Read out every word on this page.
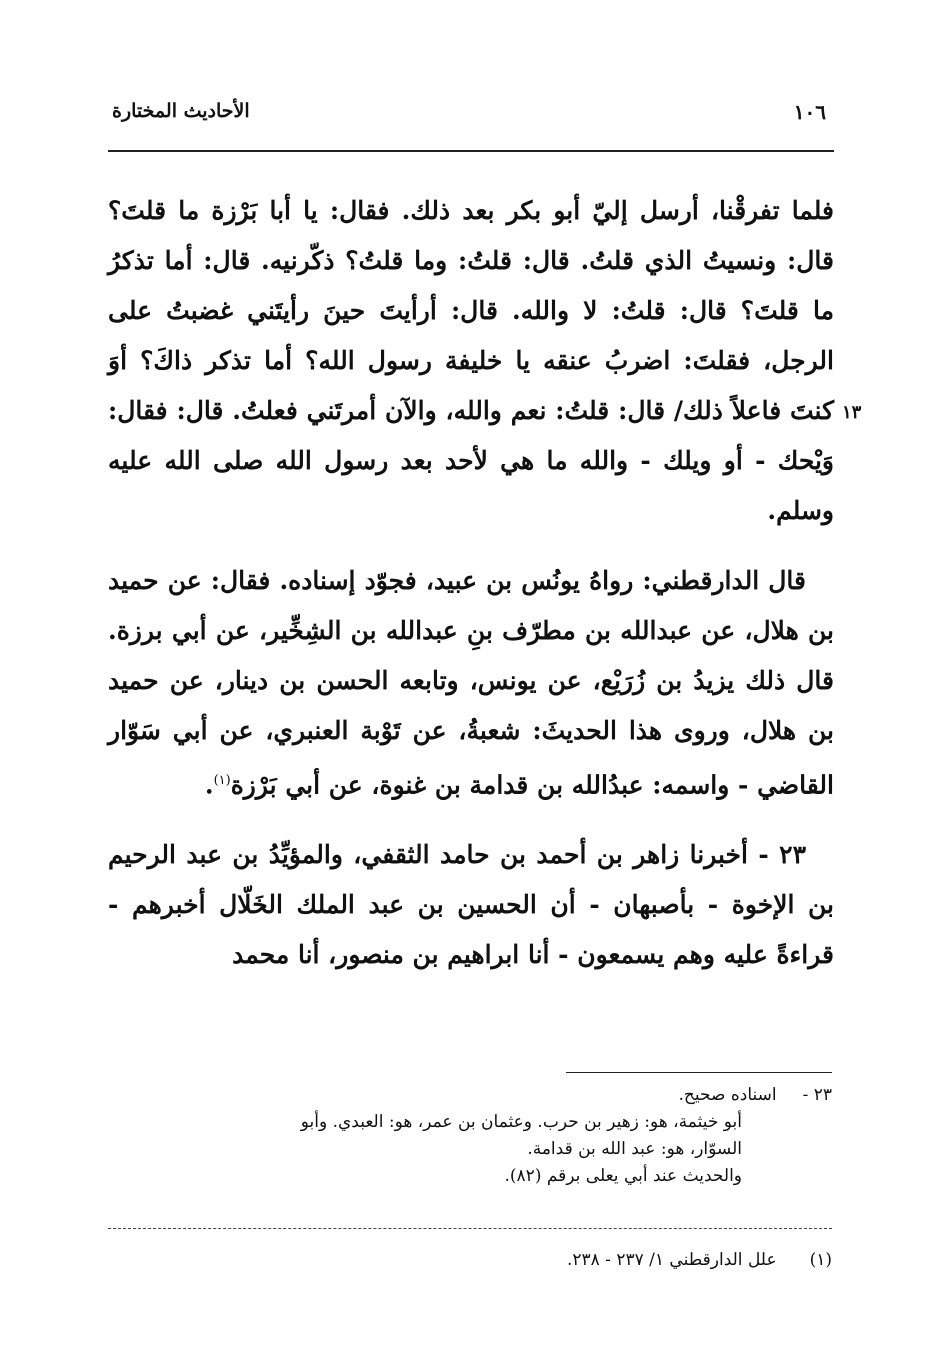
١٠٦
الأحاديث المختارة
١٣

فلما تفرقْنا، أرسل إليّ أبو بكر بعد ذلك. فقال: يا أبا بَرْزة ما قلتَ؟ قال: ونسيتُ الذي قلتُ. قال: قلتُ: وما قلتُ؟ ذكّرنيه. قال: أما تذكرُ ما قلتَ؟ قال: قلتُ: لا والله. قال: أرأيتَ حينَ رأيتَني غضبتُ على الرجل، فقلتَ: اضربُ عنقه يا خليفة رسول الله؟ أما تذكر ذاكَ؟ أوَ كنتَ فاعلاً ذلك/ قال: قلتُ: نعم والله، والآن أمرتَني فعلتُ. قال: فقال: وَيْحك - أو ويلك - والله ما هي لأحد بعد رسول الله صلى الله عليه وسلم.

قال الدارقطني: رواهُ يونُس بن عبيد، فجوّد إسناده. فقال: عن حميد بن هلال، عن عبدالله بن مطرّف بنِ عبدالله بن الشِخِّير، عن أبي برزة. قال ذلك يزيدُ بن زُرَيْع، عن يونس، وتابعه الحسن بن دينار، عن حميد بن هلال، وروى هذا الحديثَ: شعبةُ، عن تَوْبة العنبري، عن أبي سَوّار القاضي - واسمه: عبدُالله بن قدامة بن غنوة، عن أبي بَرْزة$^{(١)}$.

٢٣ - أخبرنا زاهر بن أحمد بن حامد الثقفي، والمؤيِّدُ بن عبد الرحيم بن الإخوة - بأصبهان - أن الحسين بن عبد الملك الخَلّال أخبرهم - قراءةً عليه وهم يسمعون - أنا ابراهيم بن منصور، أنا محمد

٢٣ - اسناده صحيح.

أبو خيثمة، هو: زهير بن حرب. وعثمان بن عمر، هو: العبدي. وأبو

السوّار، هو: عبد الله بن قدامة.

والحديث عند أبي يعلى برقم (٨٢).

(١) علل الدارقطني ١/ ٢٣٧ - ٢٣٨.
